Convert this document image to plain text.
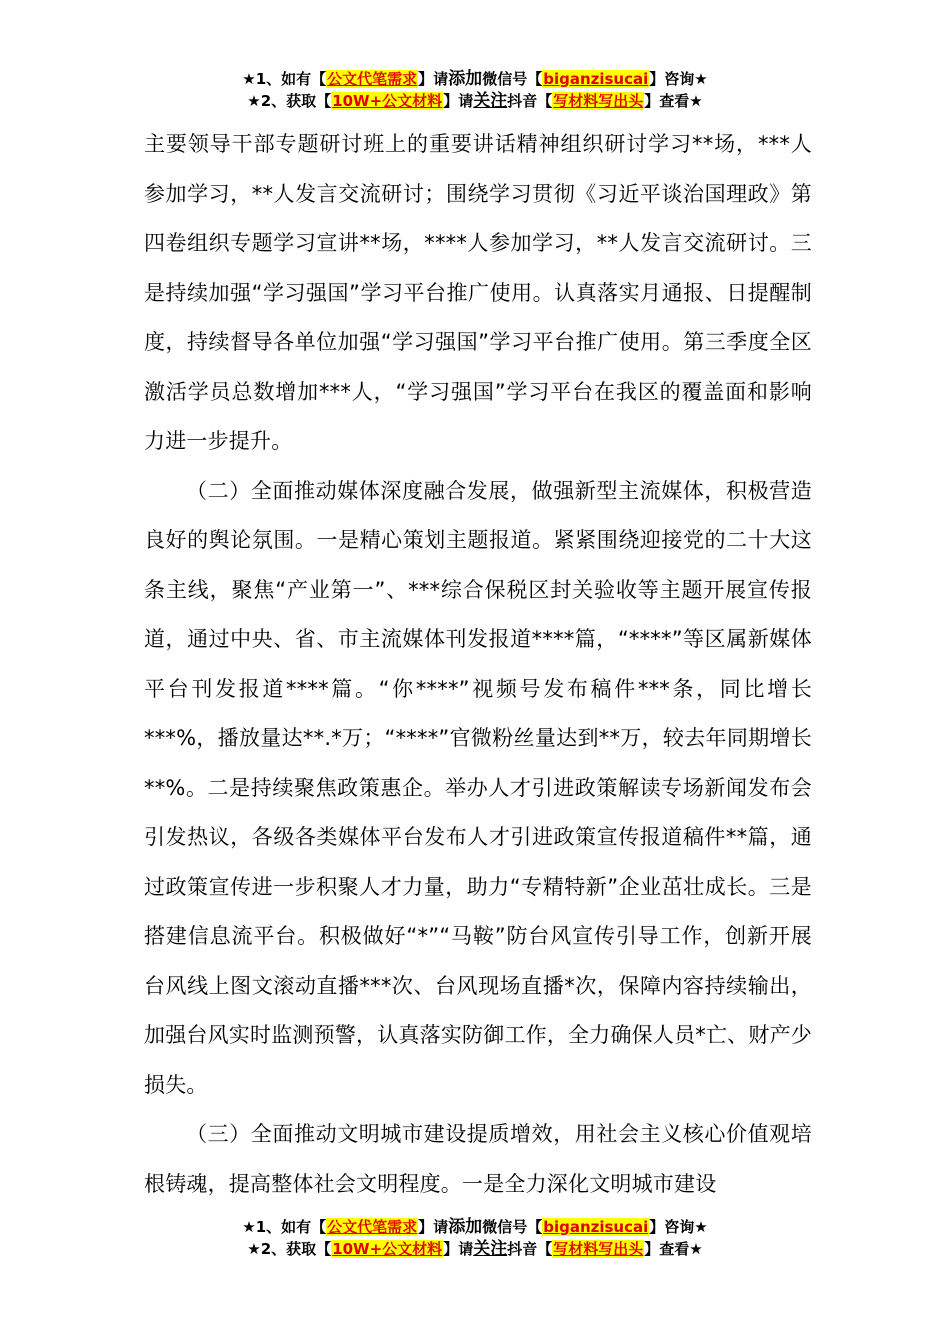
★1、如有【公文代笔需求】请添加微信号【biganzisucai】咨询★
★2、获取【10W+公文材料】请关注抖音【写材料写出头】查看★

主要领导干部专题研讨班上的重要讲话精神组织研讨学习**场，***人参加学习，**人发言交流研讨；围绕学习贯彻《习近平谈治国理政》第四卷组织专题学习宣讲**场，****人参加学习，**人发言交流研讨。三是持续加强“学习强国”学习平台推广使用。认真落实月通报、日提醒制度，持续督导各单位加强“学习强国”学习平台推广使用。第三季度全区激活学员总数增加***人，“学习强国”学习平台在我区的覆盖面和影响力进一步提升。

（二）全面推动媒体深度融合发展，做强新型主流媒体，积极营造良好的舆论氛围。一是精心策划主题报道。紧紧围绕迎接党的二十大这条主线，聚焦“产业第一”、***综合保税区封关验收等主题开展宣传报道，通过中央、省、市主流媒体刊发报道****篇，“****”等区属新媒体平台刊发报道****篇。“你****”视频号发布稿件***条，同比增长***%，播放量达**.*万；“****”官微粉丝量达到**万，较去年同期增长**%。二是持续聚焦政策惠企。举办人才引进政策解读专场新闻发布会引发热议，各级各类媒体平台发布人才引进政策宣传报道稿件**篇，通过政策宣传进一步积聚人才力量，助力“专精特新”企业茁壮成长。三是搭建信息流平台。积极做好“*”“马鞍”防台风宣传引导工作，创新开展台风线上图文滚动直播***次、台风现场直播*次，保障内容持续输出，加强台风实时监测预警，认真落实防御工作，全力确保人员*亡、财产少损失。

（三）全面推动文明城市建设提质增效，用社会主义核心价值观培根铸魂，提高整体社会文明程度。一是全力深化文明城市建设

★1、如有【公文代笔需求】请添加微信号【biganzisucai】咨询★
★2、获取【10W+公文材料】请关注抖音【写材料写出头】查看★
